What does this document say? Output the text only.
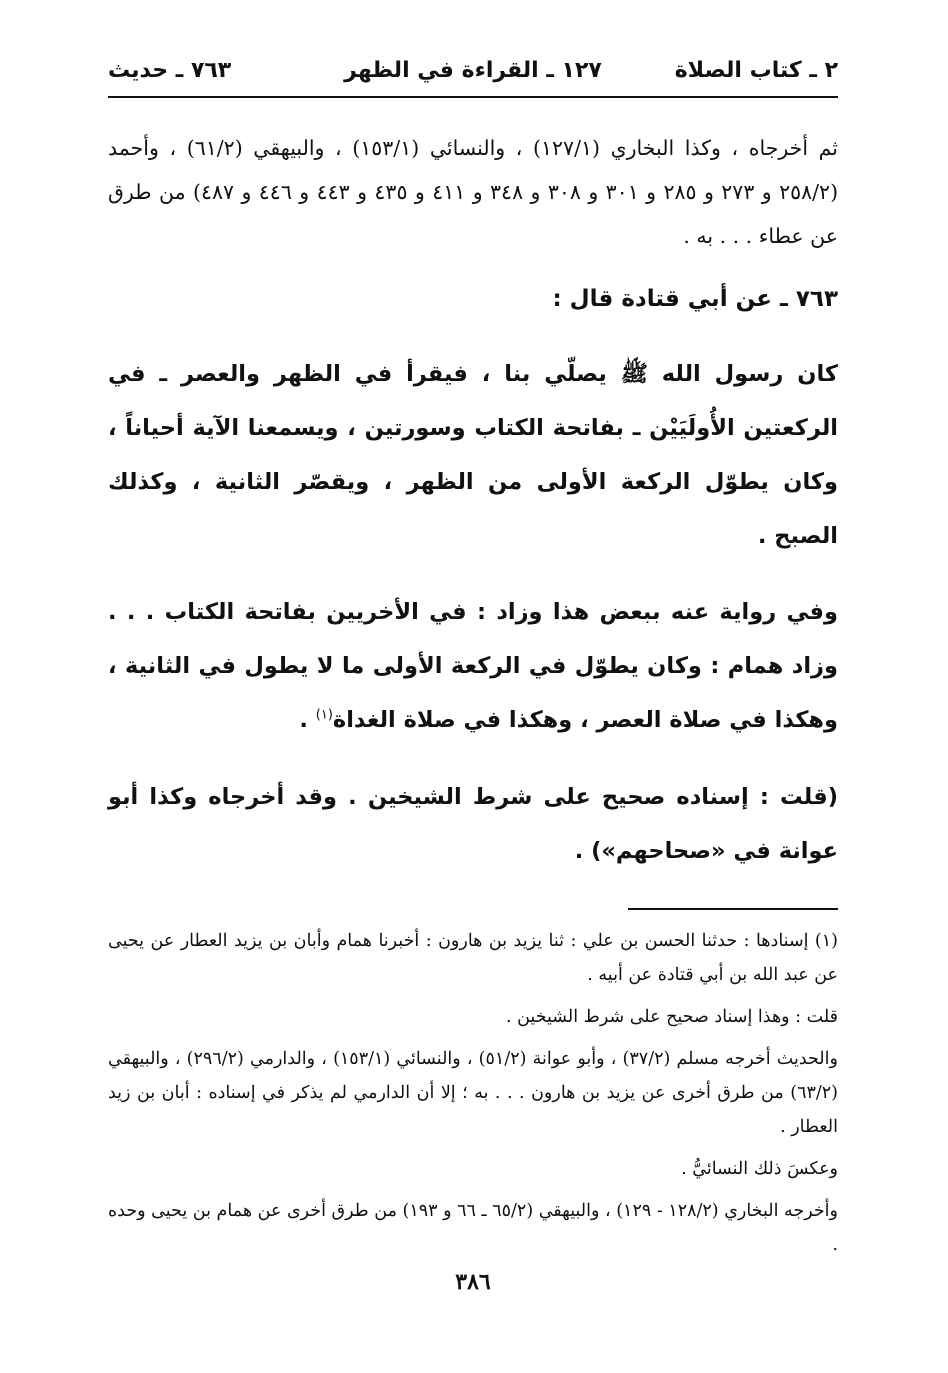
٢ ـ كتاب الصلاة
١٢٧ ـ القراءة في الظهر
٧٦٣ ـ حديث

ثم أخرجاه ، وكذا البخاري (١٢٧/١) ، والنسائي (١٥٣/١) ، والبيهقي (٦١/٢) ، وأحمد (٢٥٨/٢ و ٢٧٣ و ٢٨٥ و ٣٠١ و ٣٠٨ و ٣٤٨ و ٤١١ و ٤٣٥ و ٤٤٣ و ٤٤٦ و ٤٨٧) من طرق عن عطاء . . . به .

٧٦٣ ـ عن أبي قتادة قال :

كان رسول الله ﷺ يصلّي بنا ، فيقرأ في الظهر والعصر ـ في الركعتين الأُولَيَيْن ـ بفاتحة الكتاب وسورتين ، ويسمعنا الآية أحياناً ، وكان يطوّل الركعة الأولى من الظهر ، ويقصّر الثانية ، وكذلك الصبح .

وفي رواية عنه ببعض هذا وزاد : في الأخريين بفاتحة الكتاب . . . وزاد همام : وكان يطوّل في الركعة الأولى ما لا يطول في الثانية ، وهكذا في صلاة العصر ، وهكذا في صلاة الغداة$^{(١)}$ .

(قلت : إسناده صحيح على شرط الشيخين . وقد أخرجاه وكذا أبو عوانة في «صحاحهم») .

(١) إسنادها : حدثنا الحسن بن علي : ثنا يزيد بن هارون : أخبرنا همام وأبان بن يزيد العطار عن يحيى عن عبد الله بن أبي قتادة عن أبيه .

قلت : وهذا إسناد صحيح على شرط الشيخين .

والحديث أخرجه مسلم (٣٧/٢) ، وأبو عوانة (٥١/٢) ، والنسائي (١٥٣/١) ، والدارمي (٢٩٦/٢) ، والبيهقي (٦٣/٢) من طرق أخرى عن يزيد بن هارون . . . به ؛ إلا أن الدارمي لم يذكر في إسناده : أبان بن زيد العطار .

وعكسَ ذلك النسائيُّ .

وأخرجه البخاري (١٢٨/٢ - ١٢٩) ، والبيهقي (٦٥/٢ ـ ٦٦ و ١٩٣) من طرق أخرى عن همام بن يحيى وحده .

٣٨٦
